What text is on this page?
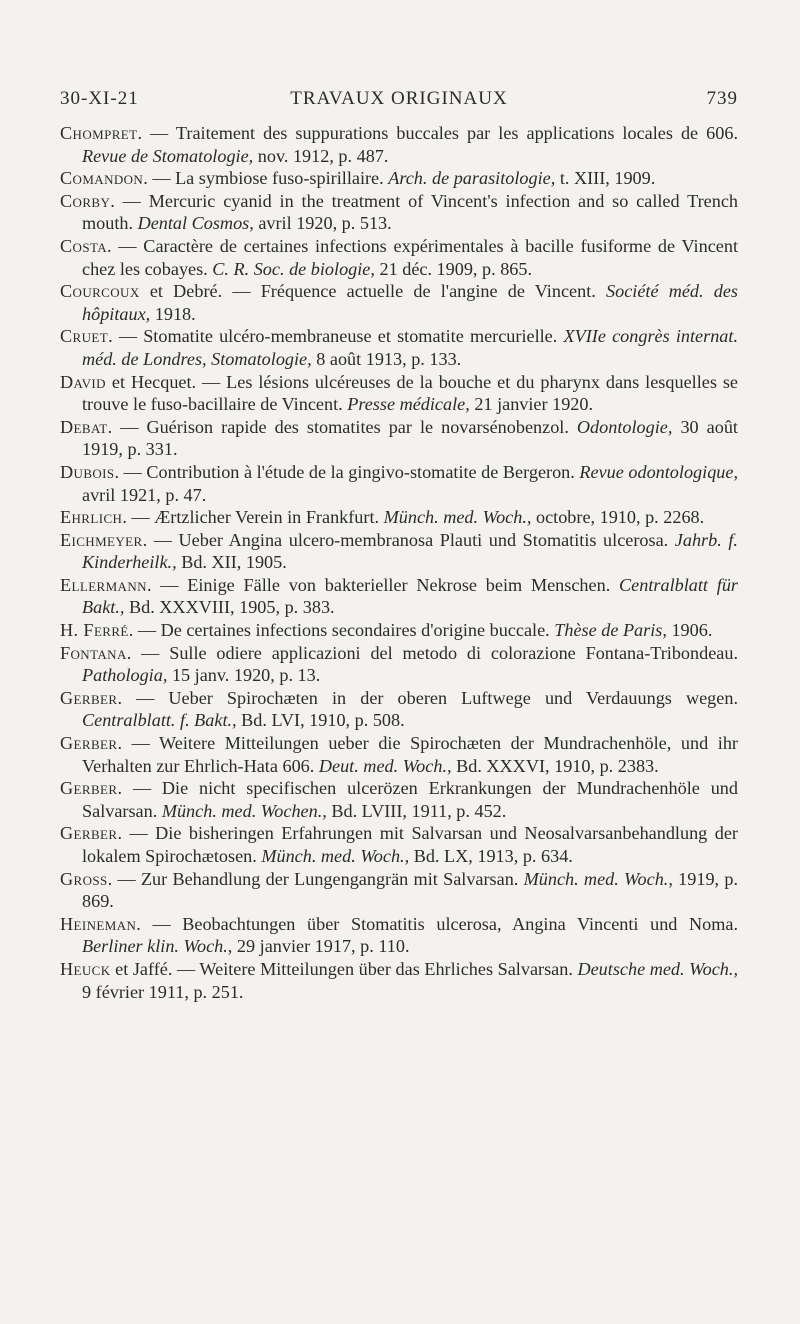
30-XI-21	TRAVAUX ORIGINAUX	739
Chompret. — Traitement des suppurations buccales par les applications locales de 606. Revue de Stomatologie, nov. 1912, p. 487.
Comandon. — La symbiose fuso-spirillaire. Arch. de parasitologie, t. XIII, 1909.
Corby. — Mercuric cyanid in the treatment of Vincent's infection and so called Trench mouth. Dental Cosmos, avril 1920, p. 513.
Costa. — Caractère de certaines infections expérimentales à bacille fusiforme de Vincent chez les cobayes. C. R. Soc. de biologie, 21 déc. 1909, p. 865.
Courcoux et Debré. — Fréquence actuelle de l'angine de Vincent. Société méd. des hôpitaux, 1918.
Cruet. — Stomatite ulcéro-membraneuse et stomatite mercurielle. XVIIe congrès internat. méd. de Londres, Stomatologie, 8 août 1913, p. 133.
David et Hecquet. — Les lésions ulcéreuses de la bouche et du pharynx dans lesquelles se trouve le fuso-bacillaire de Vincent. Presse médicale, 21 janvier 1920.
Debat. — Guérison rapide des stomatites par le novarsénobenzol. Odontologie, 30 août 1919, p. 331.
Dubois. — Contribution à l'étude de la gingivo-stomatite de Bergeron. Revue odontologique, avril 1921, p. 47.
Ehrlich. — Ærtzlicher Verein in Frankfurt. Münch. med. Woch., octobre, 1910, p. 2268.
Eichmeyer. — Ueber Angina ulcero-membranosa Plauti und Stomatitis ulcerosa. Jahrb. f. Kinderheilk., Bd. XII, 1905.
Ellermann. — Einige Fälle von bakterieller Nekrose beim Menschen. Centralblatt für Bakt., Bd. XXXVIII, 1905, p. 383.
H. Ferré. — De certaines infections secondaires d'origine buccale. Thèse de Paris, 1906.
Fontana. — Sulle odiere applicazioni del metodo di colorazione Fontana-Tribondeau. Pathologia, 15 janv. 1920, p. 13.
Gerber. — Ueber Spirochæten in der oberen Luftwege und Verdauungs wegen. Centralblatt. f. Bakt., Bd. LVI, 1910, p. 508.
Gerber. — Weitere Mitteilungen ueber die Spirochæten der Mundrachenhöle, und ihr Verhalten zur Ehrlich-Hata 606. Deut. med. Woch., Bd. XXXVI, 1910, p. 2383.
Gerber. — Die nicht specifischen ulcerözen Erkrankungen der Mundrachenhöle und Salvarsan. Münch. med. Wochen., Bd. LVIII, 1911, p. 452.
Gerber. — Die bisheringen Erfahrungen mit Salvarsan und Neosalvarsanbehandlung der lokalem Spirochætosen. Münch. med. Woch., Bd. LX, 1913, p. 634.
Gross. — Zur Behandlung der Lungengangrän mit Salvarsan. Münch. med. Woch., 1919, p. 869.
Heineman. — Beobachtungen über Stomatitis ulcerosa, Angina Vincenti und Noma. Berliner klin. Woch., 29 janvier 1917, p. 110.
Heuck et Jaffé. — Weitere Mitteilungen über das Ehrliches Salvarsan. Deutsche med. Woch., 9 février 1911, p. 251.
